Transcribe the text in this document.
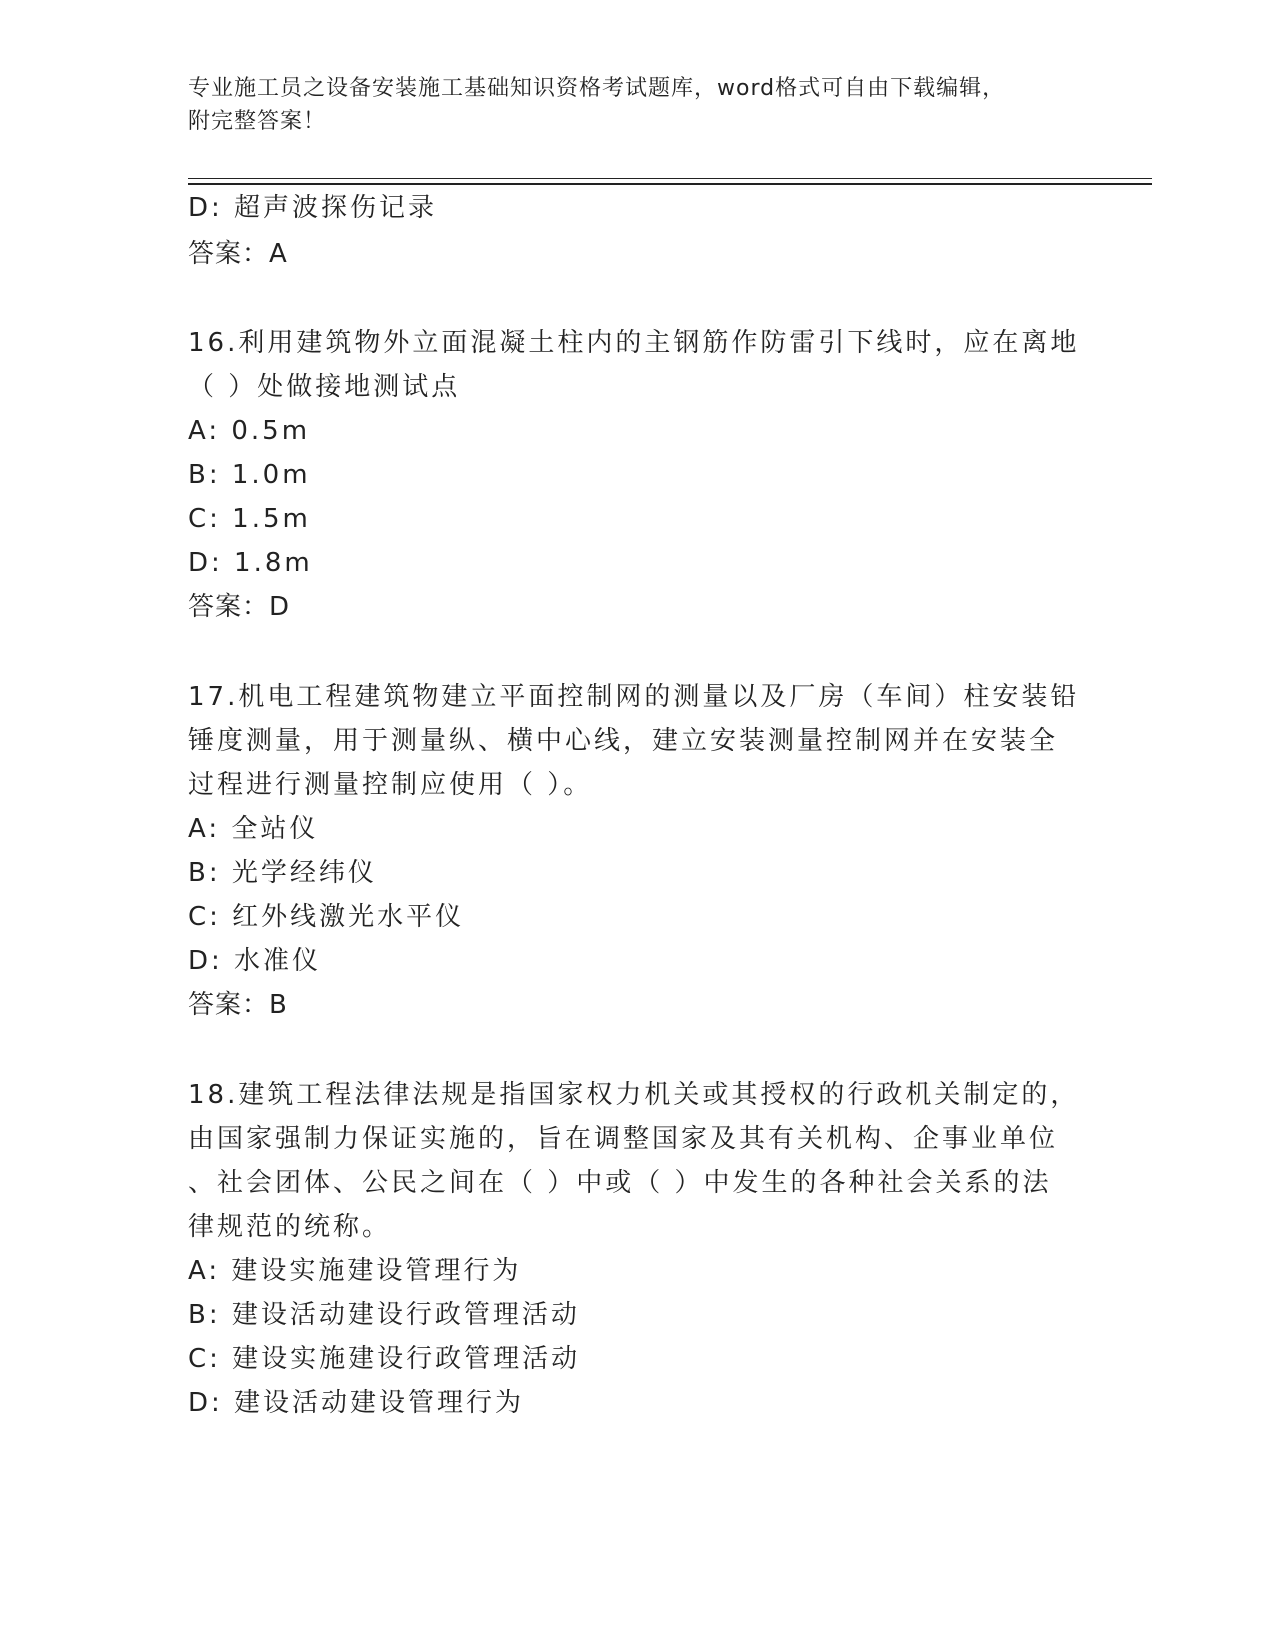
专业施工员之设备安装施工基础知识资格考试题库，word格式可自由下载编辑，
附完整答案！
D: 超声波探伤记录
答案：A
16.利用建筑物外立面混凝土柱内的主钢筋作防雷引下线时，应在离地
（ ）处做接地测试点
A: 0.5m
B: 1.0m
C: 1.5m
D: 1.8m
答案：D
17.机电工程建筑物建立平面控制网的测量以及厂房（车间）柱安装铅
锤度测量，用于测量纵、横中心线，建立安装测量控制网并在安装全
过程进行测量控制应使用（ ）。
A: 全站仪
B: 光学经纬仪
C: 红外线激光水平仪
D: 水准仪
答案：B
18.建筑工程法律法规是指国家权力机关或其授权的行政机关制定的，
由国家强制力保证实施的，旨在调整国家及其有关机构、企事业单位
、社会团体、公民之间在（ ）中或（ ）中发生的各种社会关系的法
律规范的统称。
A: 建设实施建设管理行为
B: 建设活动建设行政管理活动
C: 建设实施建设行政管理活动
D: 建设活动建设管理行为
